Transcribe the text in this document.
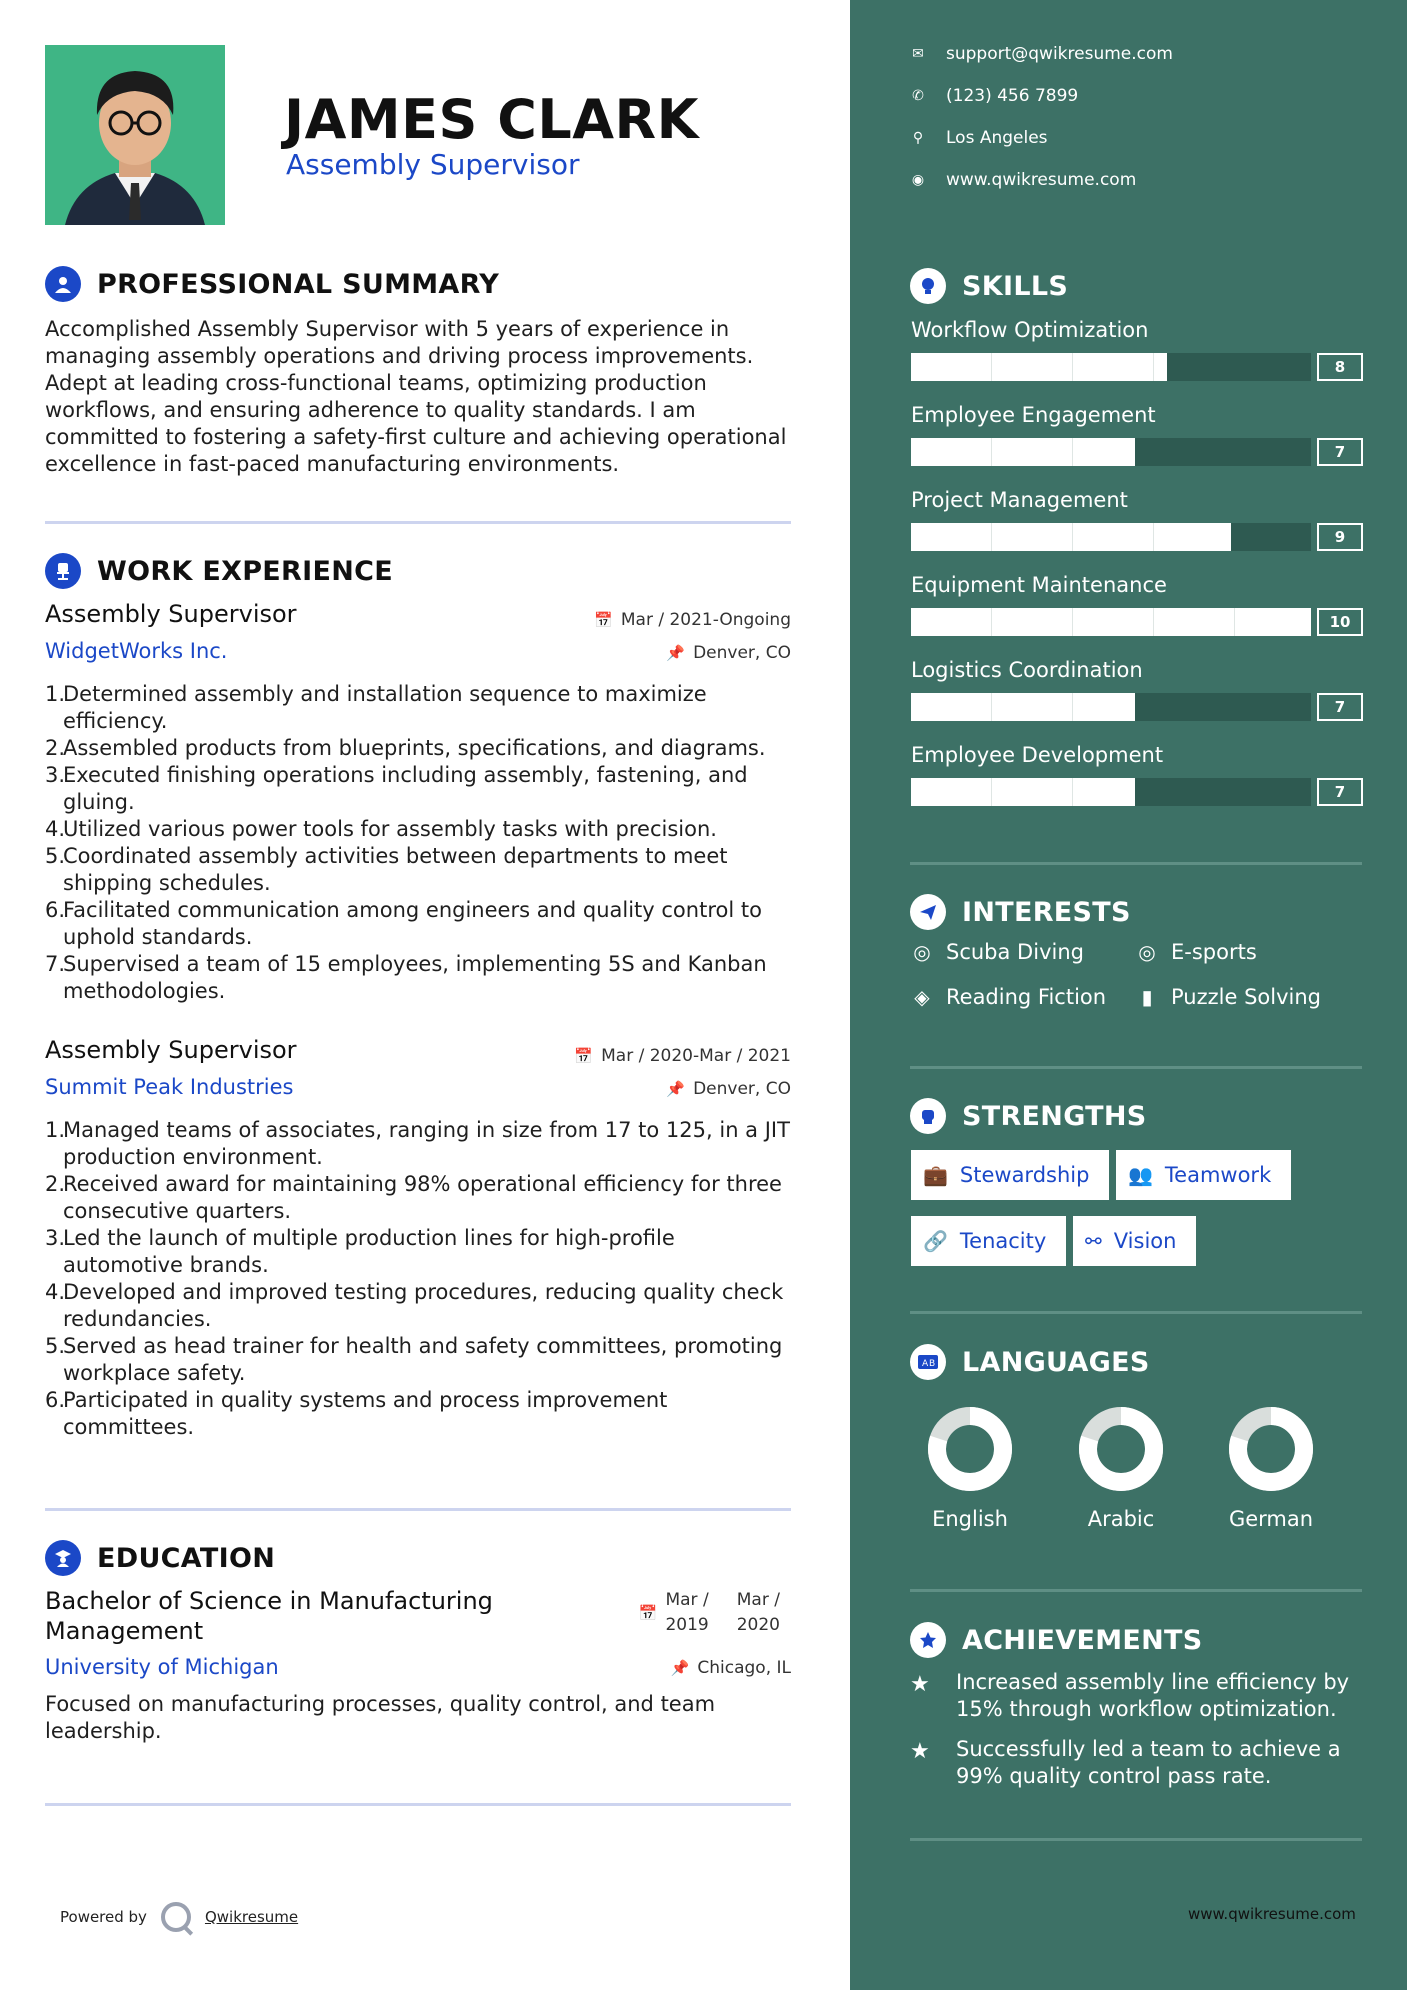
JAMES CLARK
Assembly Supervisor
PROFESSIONAL SUMMARY
Accomplished Assembly Supervisor with 5 years of experience in managing assembly operations and driving process improvements. Adept at leading cross-functional teams, optimizing production workflows, and ensuring adherence to quality standards. I am committed to fostering a safety-first culture and achieving operational excellence in fast-paced manufacturing environments.
WORK EXPERIENCE
Assembly Supervisor	📅 Mar / 2021-Ongoing
WidgetWorks Inc.	📌 Denver, CO
1.
Determined assembly and installation sequence to maximize efficiency.
2.
Assembled products from blueprints, specifications, and diagrams.
3.
Executed finishing operations including assembly, fastening, and gluing.
4.
Utilized various power tools for assembly tasks with precision.
5.
Coordinated assembly activities between departments to meet shipping schedules.
6.
Facilitated communication among engineers and quality control to uphold standards.
7.
Supervised a team of 15 employees, implementing 5S and Kanban methodologies.
Assembly Supervisor	📅 Mar / 2020-Mar / 2021
Summit Peak Industries	📌 Denver, CO
1.
Managed teams of associates, ranging in size from 17 to 125, in a JIT production environment.
2.
Received award for maintaining 98% operational efficiency for three consecutive quarters.
3.
Led the launch of multiple production lines for high-profile automotive brands.
4.
Developed and improved testing procedures, reducing quality check redundancies.
5.
Served as head trainer for health and safety committees, promoting workplace safety.
6.
Participated in quality systems and process improvement committees.
EDUCATION
Bachelor of Science in Manufacturing
Management
📅
Mar /
2019
Mar /
2020
University of Michigan	📌 Chicago, IL
Focused on manufacturing processes, quality control, and team leadership.
Powered by	Qwikresume
✉ support@qwikresume.com
✆ (123) 456 7899
⚲ Los Angeles
◉ www.qwikresume.com
SKILLS
Workflow Optimization
8
Employee Engagement
7
Project Management
9
Equipment Maintenance
10
Logistics Coordination
7
Employee Development
7
INTERESTS
◎ Scuba Diving	◎ E-sports
◈ Reading Fiction	▮ Puzzle Solving
STRENGTHS
💼 Stewardship 👥 Teamwork
🔗 Tenacity ⚯ Vision
A B LANGUAGES
English	Arabic	German
ACHIEVEMENTS
★	Increased assembly line efficiency by 15% through workflow optimization.
★	Successfully led a team to achieve a 99% quality control pass rate.
www.qwikresume.com
